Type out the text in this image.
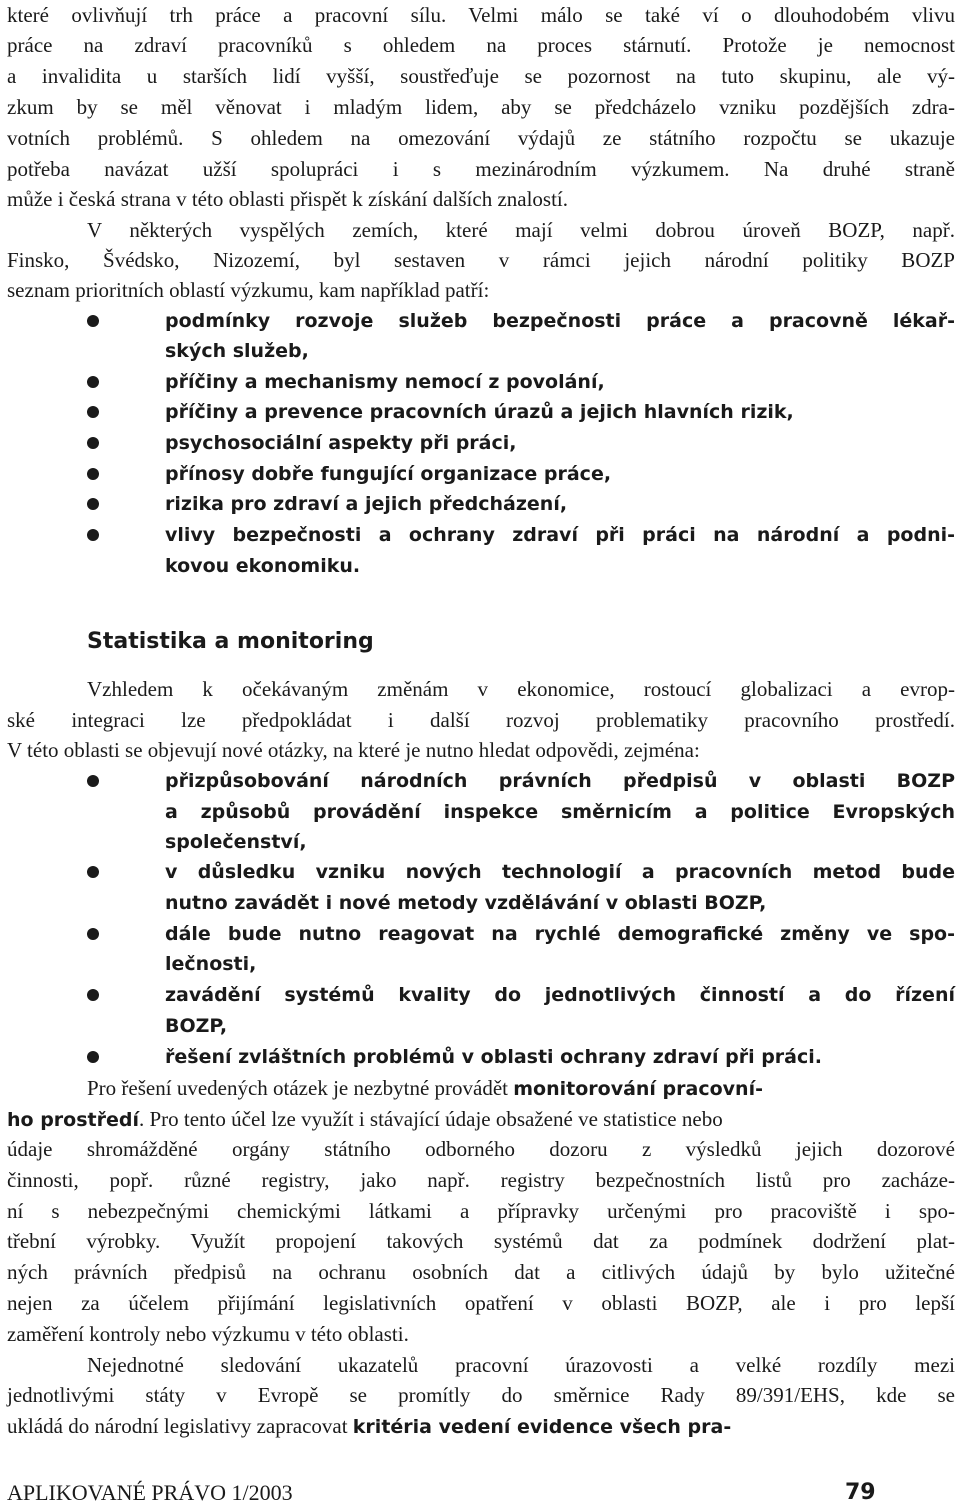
které ovlivňují trh práce a pracovní sílu. Velmi málo se také ví o dlouhodobém vlivu
práce na zdraví pracovníků s ohledem na proces stárnutí. Protože je nemocnost
a invalidita u starších lidí vyšší, soustřeďuje se pozornost na tuto skupinu, ale vý-
zkum by se měl věnovat i mladým lidem, aby se předcházelo vzniku pozdějších zdra-
votních problémů. S ohledem na omezování výdajů ze státního rozpočtu se ukazuje
potřeba navázat užší spolupráci i s mezinárodním výzkumem. Na druhé straně
může i česká strana v této oblasti přispět k získání dalších znalostí.
V některých vyspělých zemích, které mají velmi dobrou úroveň BOZP, např.
Finsko, Švédsko, Nizozemí, byl sestaven v rámci jejich národní politiky BOZP
seznam prioritních oblastí výzkumu, kam například patří:
podmínky rozvoje služeb bezpečnosti práce a pracovně lékař-
ských služeb,
příčiny a mechanismy nemocí z povolání,
příčiny a prevence pracovních úrazů a jejich hlavních rizik,
psychosociální aspekty při práci,
přínosy dobře fungující organizace práce,
rizika pro zdraví a jejich předcházení,
vlivy bezpečnosti a ochrany zdraví při práci na národní a podni-
kovou ekonomiku.
Statistika a monitoring
Vzhledem k očekávaným změnám v ekonomice, rostoucí globalizaci a evrop-
ské integraci lze předpokládat i další rozvoj problematiky pracovního prostředí.
V této oblasti se objevují nové otázky, na které je nutno hledat odpovědi, zejména:
přizpůsobování národních právních předpisů v oblasti BOZP
a způsobů provádění inspekce směrnicím a politice Evropských
společenství,
v důsledku vzniku nových technologií a pracovních metod bude
nutno zavádět i nové metody vzdělávání v oblasti BOZP,
dále bude nutno reagovat na rychlé demografické změny ve spo-
lečnosti,
zavádění systémů kvality do jednotlivých činností a do řízení
BOZP,
řešení zvláštních problémů v oblasti ochrany zdraví při práci.
Pro řešení uvedených otázek je nezbytné provádět monitorování pracovní-
ho prostředí. Pro tento účel lze využít i stávající údaje obsažené ve statistice nebo
údaje shromážděné orgány státního odborného dozoru z výsledků jejich dozorové
činnosti, popř. různé registry, jako např. registry bezpečnostních listů pro zacháze-
ní s nebezpečnými chemickými látkami a přípravky určenými pro pracoviště i spo-
třební výrobky. Využít propojení takových systémů dat za podmínek dodržení plat-
ných právních předpisů na ochranu osobních dat a citlivých údajů by bylo užitečné
nejen za účelem přijímání legislativních opatření v oblasti BOZP, ale i pro lepší
zaměření kontroly nebo výzkumu v této oblasti.
Nejednotné sledování ukazatelů pracovní úrazovosti a velké rozdíly mezi
jednotlivými státy v Evropě se promítly do směrnice Rady 89/391/EHS, kde se
ukládá do národní legislativy zapracovat kritéria vedení evidence všech pra-
APLIKOVANÉ PRÁVO 1/2003	79
